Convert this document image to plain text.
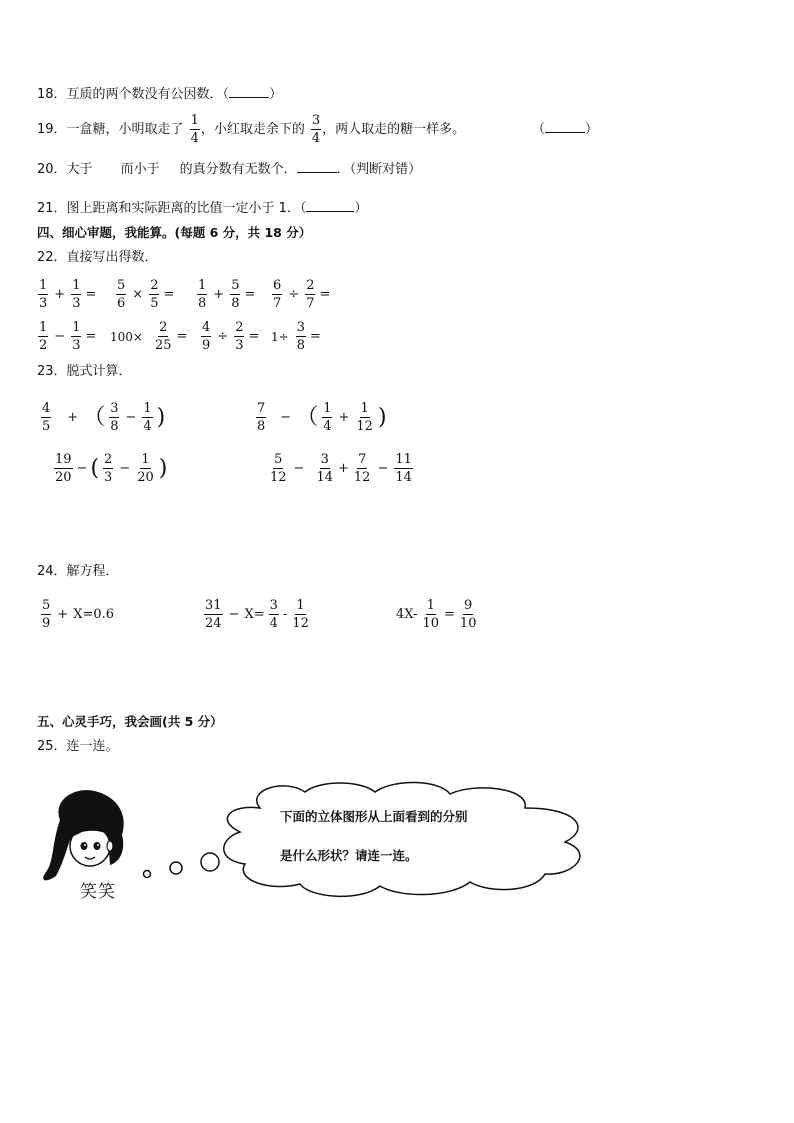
18．互质的两个数没有公因数．（	）
19． 一盒糖，小明取走了 $\frac{1}{4}$ ，小红取走余下的 $\frac{3}{4}$ ，两人取走的糖一样多。	（	）
20．大于 而小于 的真分数有无数个．	．（判断对错）
21．图上距离和实际距离的比值一定小于 1．（	）
四、细心审题，我能算。(每题 6 分，共 18 分）
22．直接写出得数．
$\frac{1}{3} + \frac{1}{3} = \frac{5}{6} \times \frac{2}{5} = \frac{1}{8} + \frac{5}{8} = \frac{6}{7} \div \frac{2}{7}$ =
$\frac{1}{2} - \frac{1}{3} = 100\times \frac{2}{25} = \frac{4}{9} \div \frac{2}{3} = 1\div \frac{3}{8}$ =
23．脱式计算．
$\frac{4}{5}$ + （ $\frac{3}{8} - \frac{1}{4}$ )	$\frac{7}{8}$ − （ $\frac{1}{4} + \frac{1}{12}$ )
$\frac{19}{20}$ − ( $\frac{2}{3} - \frac{1}{20}$ )	$\frac{5}{12} - \frac{3}{14} + \frac{7}{12} - \frac{11}{14}$
24．解方程．
$\frac{5}{9} + X=0.6$	$\frac{31}{24} - X= \frac{3}{4} - \frac{1}{12}$	$4X- \frac{1}{10} = \frac{9}{10}$
五、心灵手巧，我会画(共 5 分）
25．连一连。
笑笑
下面的立体图形从上面看到的分别
是什么形状？请连一连。
